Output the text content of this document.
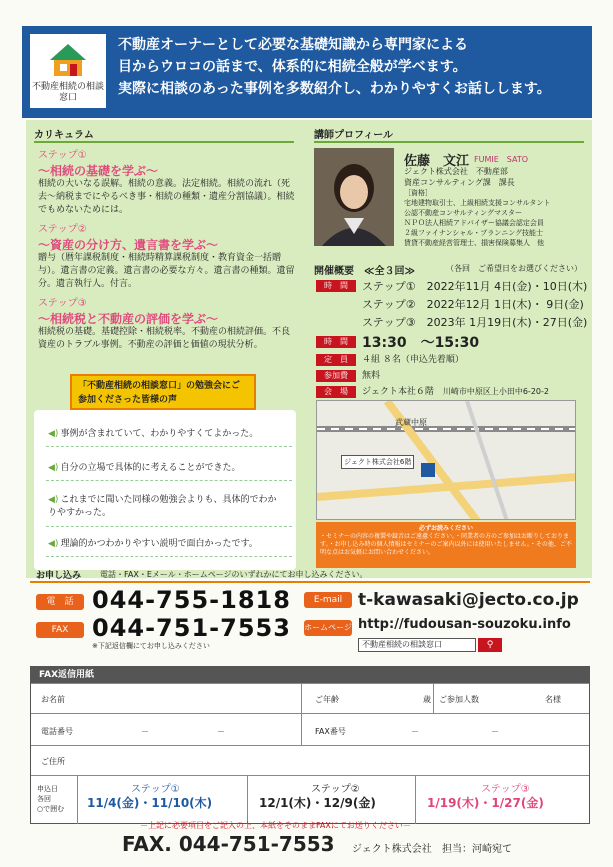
不動産相続の相談窓口
不動産オーナーとして必要な基礎知識から専門家による
目からウロコの話まで、体系的に相続全般が学べます。
実際に相談のあった事例を多数紹介し、わかりやすくお話しします。
カリキュラム	講師プロフィール
ステップ①
～相続の基礎を学ぶ～
相続の大いなる誤解。相続の意義。法定相続。相続の流れ（死去～納税までにやるべき事・相続の種類・遺産分割協議）。相続でもめないためには。
ステップ②
～資産の分け方、遺言書を学ぶ～
贈与（暦年課税制度・相続時精算課税制度・教育資金一括贈与）。遺言書の定義。遺言書の必要な方々。遺言書の種類。遺留分。遺言執行人。付言。
ステップ③
～相続税と不動産の評価を学ぶ～
相続税の基礎。基礎控除・相続税率。不動産の相続評価。不良資産のトラブル事例。不動産の評価と価値の現状分析。
◀) 事例が含まれていて、わかりやすくてよかった。
◀) 自分の立場で具体的に考えることができた。
◀) これまでに聞いた同様の勉強会よりも、具体的でわかりやすかった。
◀) 理論的かつわかりやすい説明で面白かったです。
「不動産相続の相談窓口」の勉強会にご参加くださった皆様の声
佐藤　文江 FUMIE　SATO
ジェクト株式会社　不動産部
資産コンサルティング課　課長
［資格］
宅地建物取引士、上級相続支援コンサルタント
公認不動産コンサルティングマスター
ＮＰＯ法人相続アドバイザー協議会認定会員
２級ファイナンシャル・プランニング技能士
賃貸不動産経営管理士、損害保険募集人　他
開催概要　≪全３回≫	（各回　ご希望日をお選びください）
時　間	ステップ①　 2022年11月 4日(金)・10日(木)
ステップ②　 2022年12月 1日(木)・ 9日(金)
ステップ③　 2023年 1月19日(木)・27日(金)
時　間	13:30　～15:30
定　員	４組 ８名（申込先着順）
参加費	無料
会　場	ジェクト本社６階　 川崎市中原区上小田中6-20-2
武蔵中原
ジェクト株式会社6階
必ずお読みください
・セミナーの内容の複製や録音はご遠慮ください。・同業者の方のご参加はお断りしております。・お申し込み時の個人情報はセミナーのご案内以外には使用いたしません。・その他、ご不明な点はお気軽にお問い合わせください。
お申し込み 電話・FAX・Eメール・ホームページのいずれかにてお申し込みください。
電　話 044-755-1818
FAX 044-751-7553
※下記返信欄にてお申し込みください
E-mail t-kawasaki@jecto.co.jp
ホームページ http://fudousan-souzoku.info
不動産相続の相談窓口	⚲
FAX返信用紙
お名前	ご年齢	歳 ご参加人数	名様
電話番号	－	－	FAX番号	－	－
ご住所
申込日
各回
○で囲む
ステップ①
11/4(金)・11/10(木)
ステップ②
12/1(木)・12/9(金)
ステップ③
1/19(木)・1/27(金)
－上記に必要項目をご記入の上、本紙をそのままFAXにてお送りください－
FAX. 044-751-7553 ジェクト株式会社 担当：河崎宛て
